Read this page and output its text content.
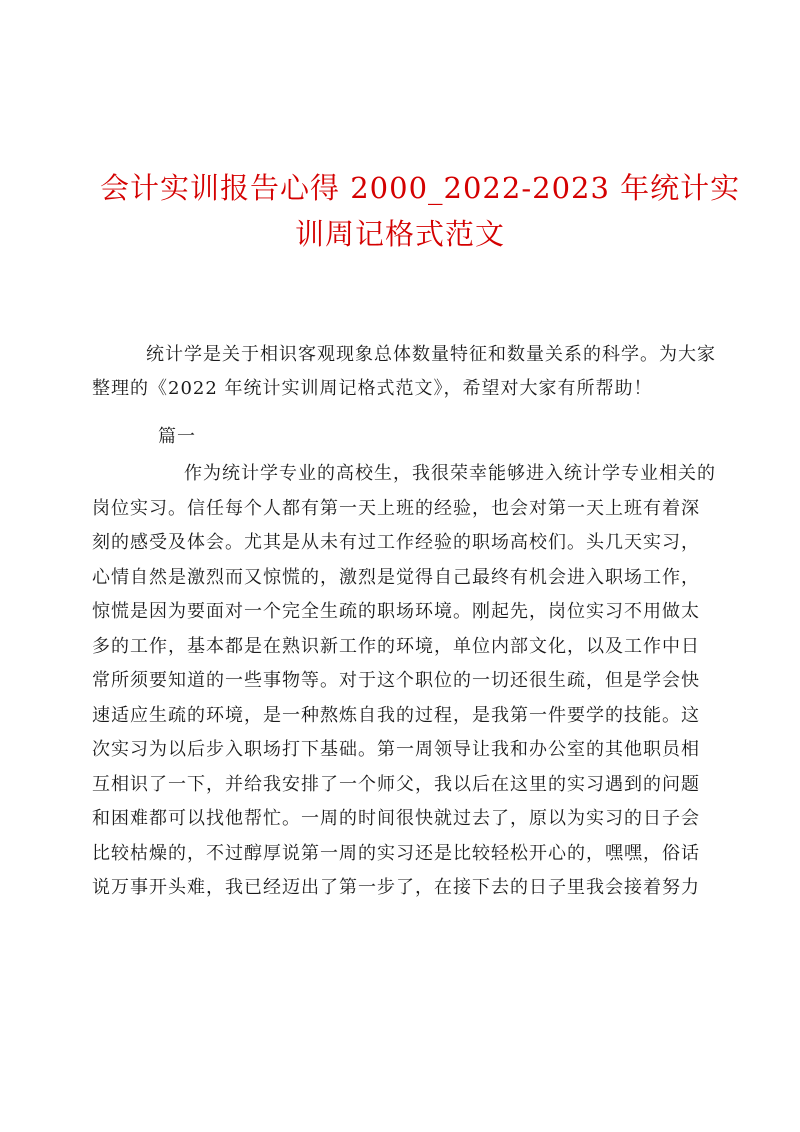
会计实训报告心得 2000_2022-2023 年统计实
训周记格式范文
统计学是关于相识客观现象总体数量特征和数量关系的科学。为大家
整理的《2022 年统计实训周记格式范文》，希望对大家有所帮助！
篇一
作为统计学专业的高校生，我很荣幸能够进入统计学专业相关的
岗位实习。信任每个人都有第一天上班的经验，也会对第一天上班有着深
刻的感受及体会。尤其是从未有过工作经验的职场高校们。头几天实习，
心情自然是激烈而又惊慌的，激烈是觉得自己最终有机会进入职场工作，
惊慌是因为要面对一个完全生疏的职场环境。刚起先，岗位实习不用做太
多的工作，基本都是在熟识新工作的环境，单位内部文化，以及工作中日
常所须要知道的一些事物等。对于这个职位的一切还很生疏，但是学会快
速适应生疏的环境，是一种熬炼自我的过程，是我第一件要学的技能。这
次实习为以后步入职场打下基础。第一周领导让我和办公室的其他职员相
互相识了一下，并给我安排了一个师父，我以后在这里的实习遇到的问题
和困难都可以找他帮忙。一周的时间很快就过去了，原以为实习的日子会
比较枯燥的，不过醇厚说第一周的实习还是比较轻松开心的，嘿嘿，俗话
说万事开头难，我已经迈出了第一步了，在接下去的日子里我会接着努力
